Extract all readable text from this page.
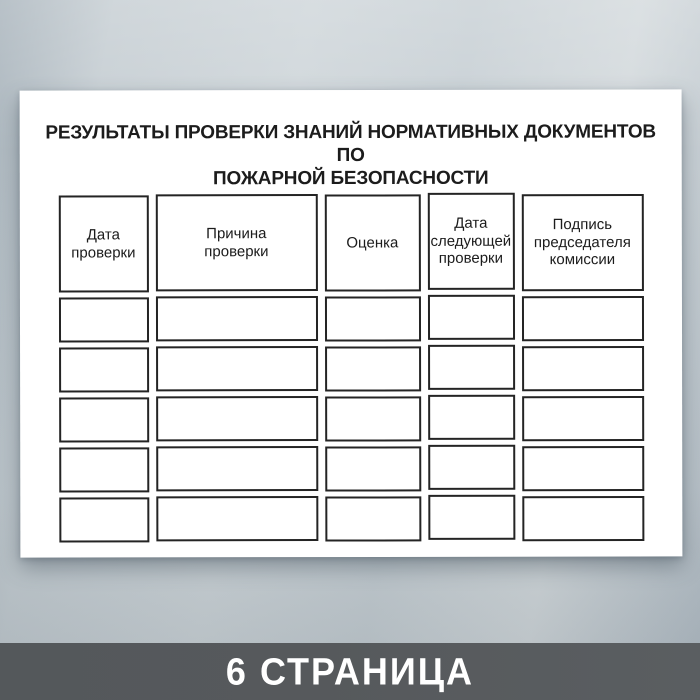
РЕЗУЛЬТАТЫ ПРОВЕРКИ ЗНАНИЙ НОРМАТИВНЫХ ДОКУМЕНТОВ ПО
ПОЖАРНОЙ БЕЗОПАСНОСТИ
Дата
проверки
Причина
проверки	Оценка
Дата
следующей
проверки
Подпись
председателя
комиссии
6 СТРАНИЦА
